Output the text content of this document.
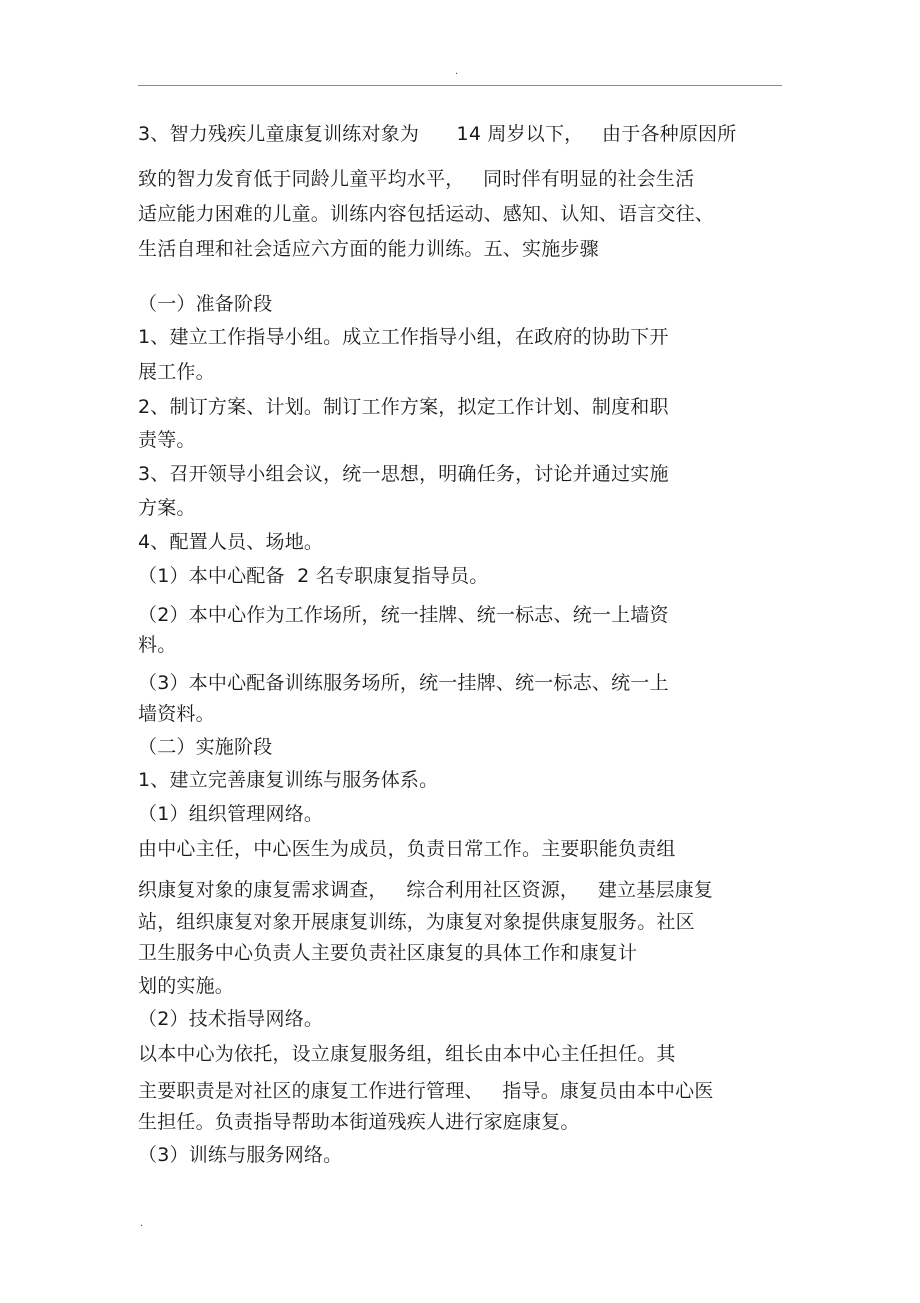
.
3、智力残疾儿童康复训练对象为      14 周岁以下，   由于各种原因所
致的智力发育低于同龄儿童平均水平，   同时伴有明显的社会生活
适应能力困难的儿童。训练内容包括运动、感知、认知、语言交往、
生活自理和社会适应六方面的能力训练。五、实施步骤
（一）准备阶段
1、建立工作指导小组。成立工作指导小组，在政府的协助下开
展工作。
2、制订方案、计划。制订工作方案，拟定工作计划、制度和职
责等。
3、召开领导小组会议，统一思想，明确任务，讨论并通过实施
方案。
4、配置人员、场地。
（1）本中心配备  2 名专职康复指导员。
（2）本中心作为工作场所，统一挂牌、统一标志、统一上墙资
料。
（3）本中心配备训练服务场所，统一挂牌、统一标志、统一上
墙资料。
（二）实施阶段
1、建立完善康复训练与服务体系。
（1）组织管理网络。
由中心主任，中心医生为成员，负责日常工作。主要职能负责组
织康复对象的康复需求调查，   综合利用社区资源，   建立基层康复
站，组织康复对象开展康复训练，为康复对象提供康复服务。社区
卫生服务中心负责人主要负责社区康复的具体工作和康复计
划的实施。
（2）技术指导网络。
以本中心为依托，设立康复服务组，组长由本中心主任担任。其
主要职责是对社区的康复工作进行管理、   指导。康复员由本中心医
生担任。负责指导帮助本街道残疾人进行家庭康复。
（3）训练与服务网络。
.
